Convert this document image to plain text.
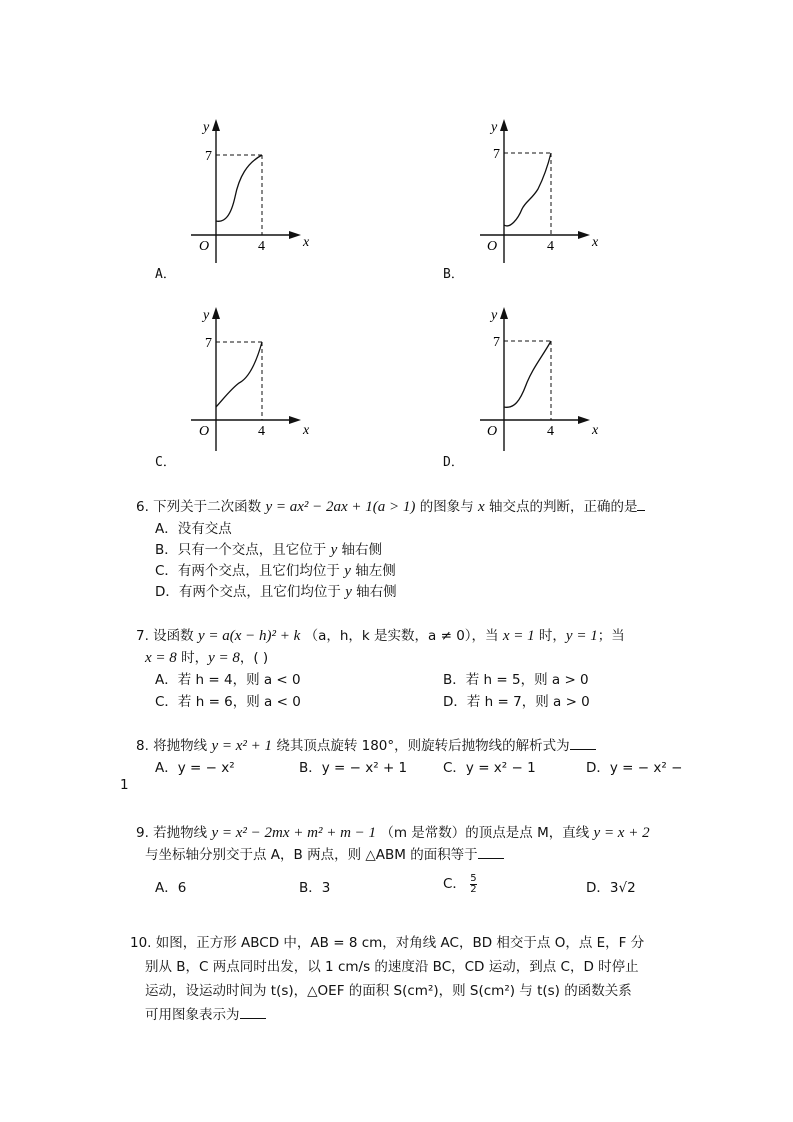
y
x
O
7
4
A．
y
x
O
7
4
B．
y
x
O
7
4
C．
y
x
O
7
4
D．
6. 下列关于二次函数 y = ax² − 2ax + 1(a > 1) 的图象与 x 轴交点的判断，正确的是
A．没有交点
B．只有一个交点，且它位于 y 轴右侧
C．有两个交点，且它们均位于 y 轴左侧
D．有两个交点，且它们均位于 y 轴右侧
7. 设函数 y = a(x − h)² + k （a，h，k 是实数，a ≠ 0），当 x = 1 时，y = 1；当
x = 8 时，y = 8，( )
A．若 h = 4，则 a < 0	B．若 h = 5，则 a > 0
C．若 h = 6，则 a < 0	D．若 h = 7，则 a > 0
8. 将抛物线 y = x² + 1 绕其顶点旋转 180°，则旋转后抛物线的解析式为
A．y = − x²	B．y = − x² + 1	C．y = x² − 1	D．y = − x² −
1
9. 若抛物线 y = x² − 2mx + m² + m − 1 （m 是常数）的顶点是点 M，直线 y = x + 2
与坐标轴分别交于点 A，B 两点，则 △ABM 的面积等于
A．6	B．3	C． $\frac{5}{2}$	D．3√2
10. 如图，正方形 ABCD 中，AB = 8 cm，对角线 AC，BD 相交于点 O，点 E，F 分
别从 B，C 两点同时出发，以 1 cm/s 的速度沿 BC，CD 运动，到点 C，D 时停止
运动，设运动时间为 t(s)，△OEF 的面积 S(cm²)，则 S(cm²) 与 t(s) 的函数关系
可用图象表示为
